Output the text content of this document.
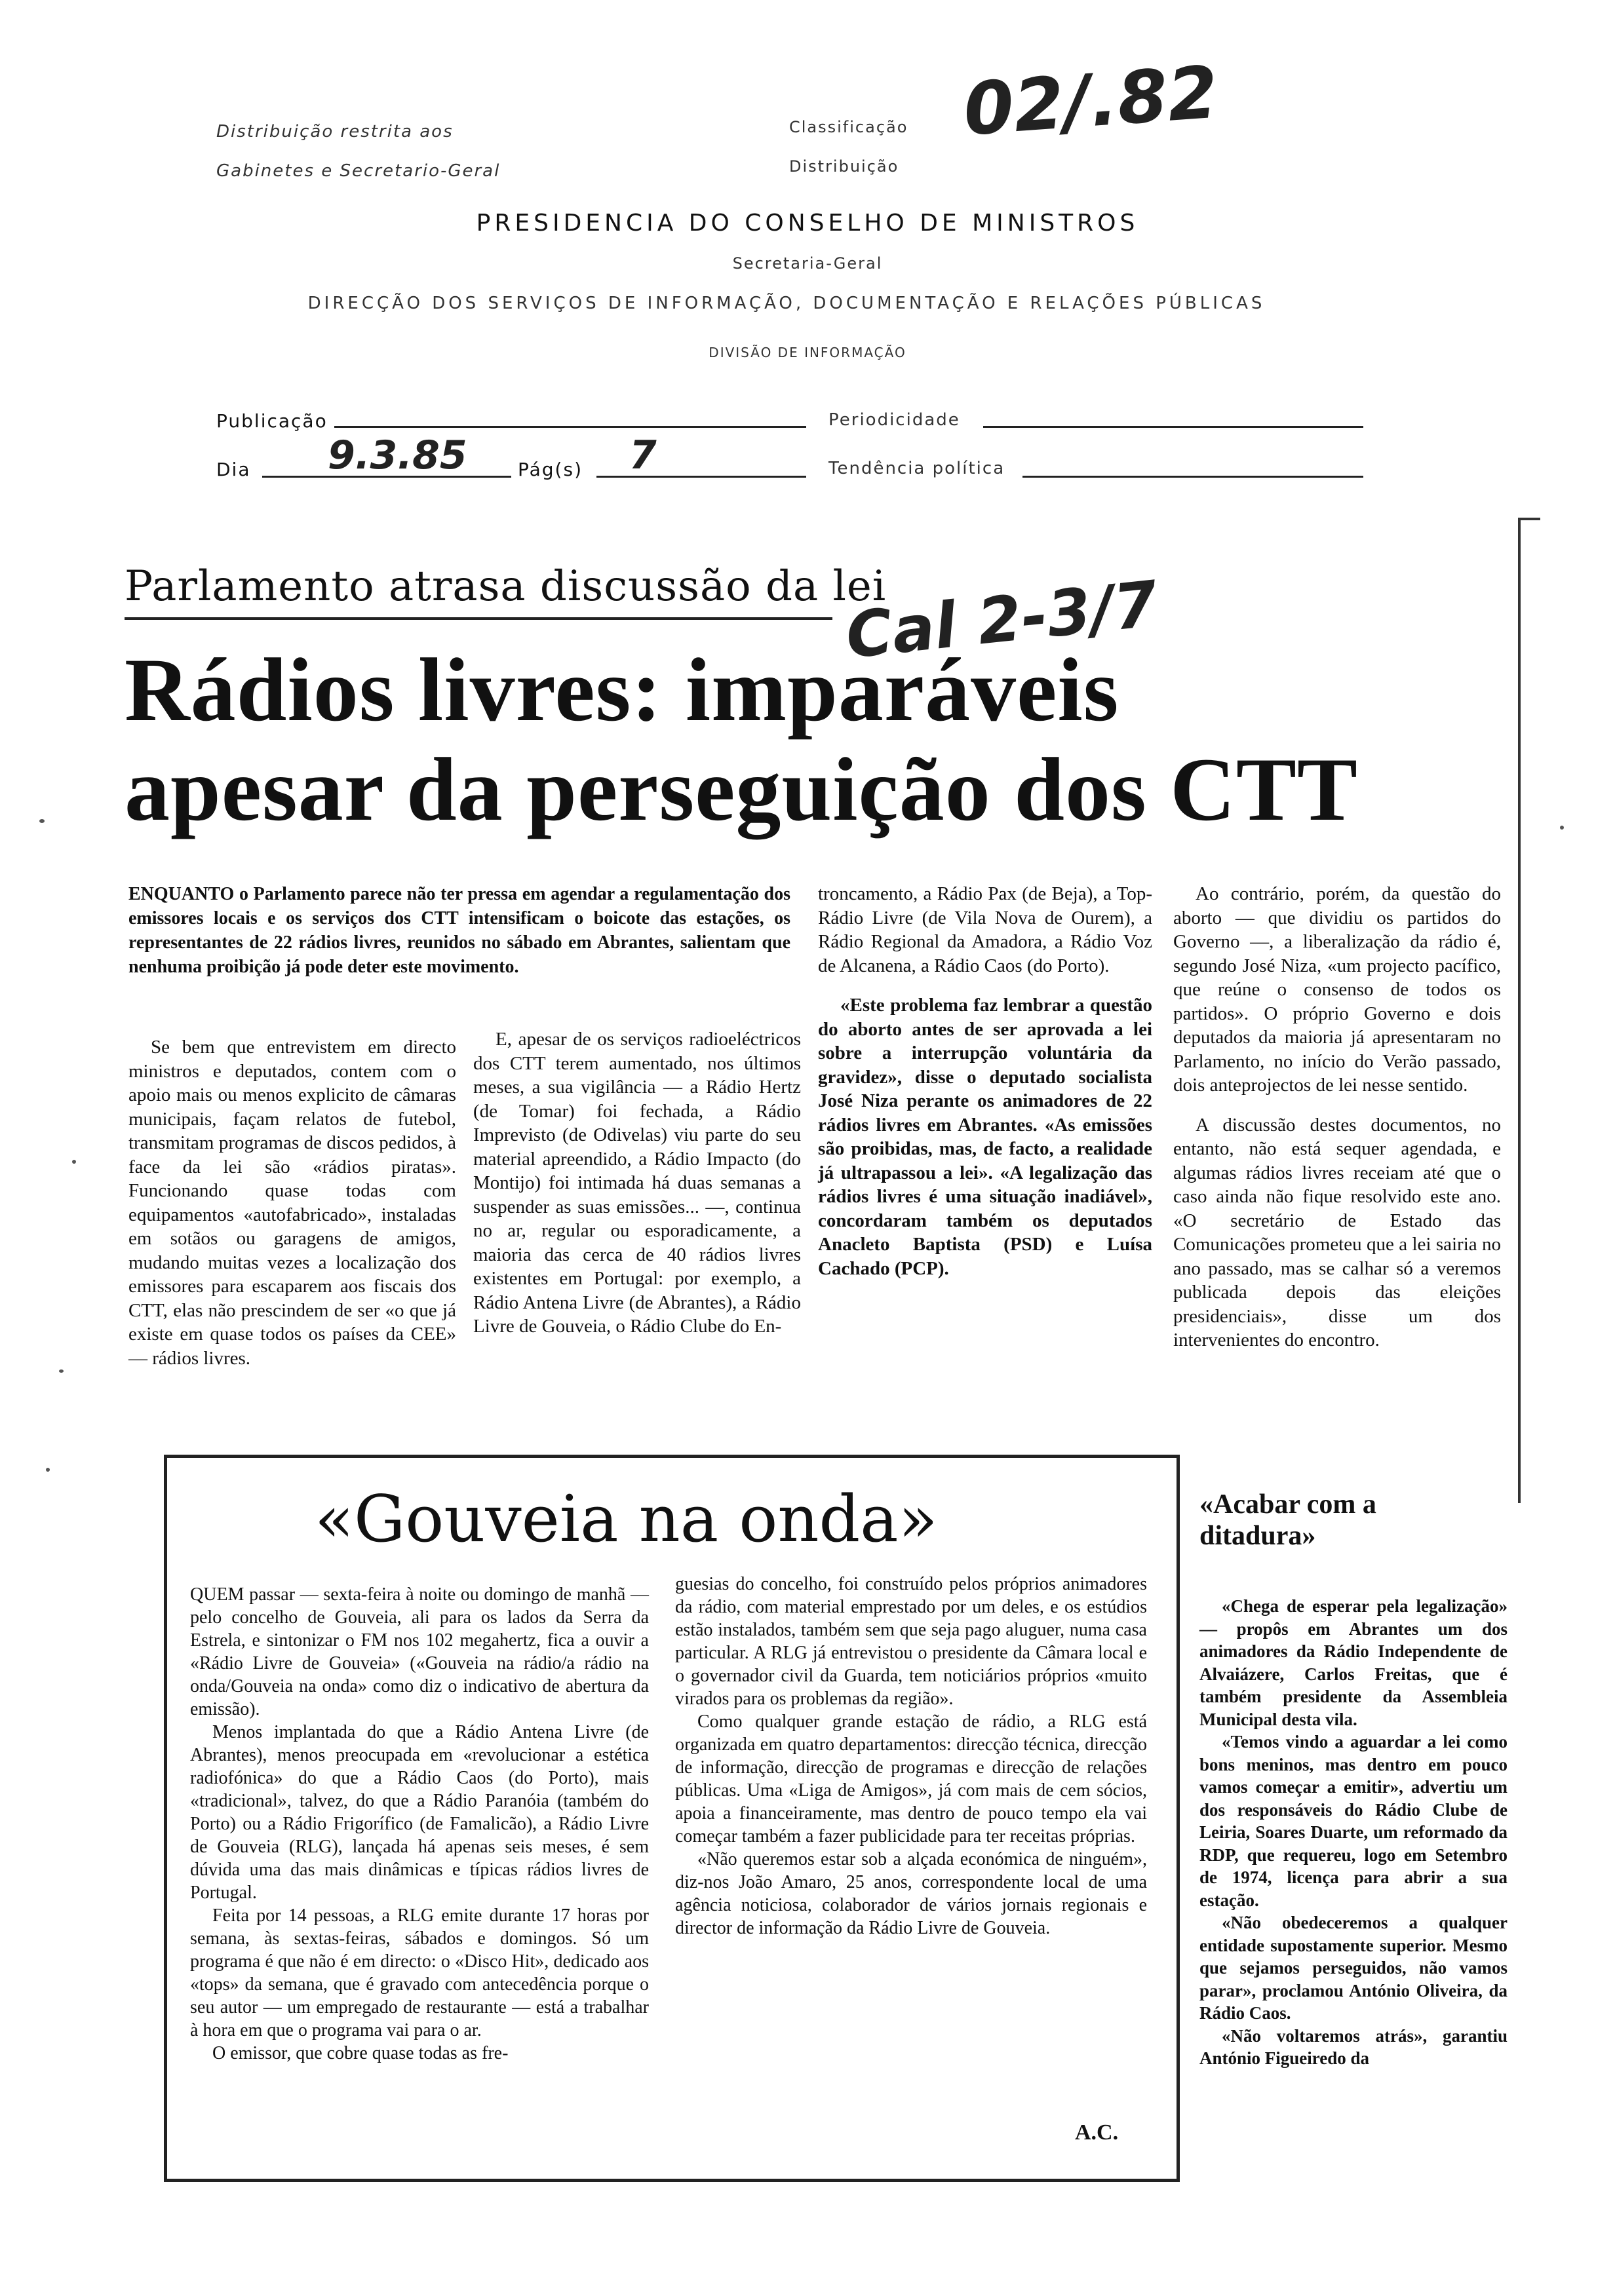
Distribuição restrita aos
Gabinetes e Secretario-Geral
Classificação
Distribuição
02/.82
PRESIDENCIA DO CONSELHO DE MINISTROS
Secretaria-Geral
DIRECÇÃO DOS SERVIÇOS DE INFORMAÇÃO, DOCUMENTAÇÃO E RELAÇÕES PÚBLICAS
DIVISÃO DE INFORMAÇÃO
Publicação	Periodicidade
Dia 9.3.85	Pág(s) 7	Tendência política
Parlamento atrasa discussão da lei
Cal 2-3/7
Rádios livres: imparáveis
apesar da perseguição dos CTT

ENQUANTO o Parlamento parece não ter pressa em agendar a regulamentação dos emissores locais e os serviços dos CTT intensificam o boicote das estações, os representantes de 22 rádios livres, reunidos no sábado em Abrantes, salientam que nenhuma proibição já pode deter este movimento.

Se bem que entrevistem em directo ministros e deputados, contem com o apoio mais ou menos explicito de câmaras municipais, façam relatos de futebol, transmitam programas de discos pedidos, à face da lei são «rádios piratas». Funcionando quase todas com equipamentos «autofabricado», instaladas em sotãos ou garagens de amigos, mudando muitas vezes a localização dos emissores para escaparem aos fiscais dos CTT, elas não prescindem de ser «o que já existe em quase todos os países da CEE» — rádios livres.

E, apesar de os serviços radioeléctricos dos CTT terem aumentado, nos últimos meses, a sua vigilância — a Rádio Hertz (de Tomar) foi fechada, a Rádio Imprevisto (de Odivelas) viu parte do seu material apreendido, a Rádio Impacto (do Montijo) foi intimada há duas semanas a suspender as suas emissões... —, continua no ar, regular ou esporadicamente, a maioria das cerca de 40 rádios livres existentes em Portugal: por exemplo, a Rádio Antena Livre (de Abrantes), a Rádio Livre de Gouveia, o Rádio Clube do En-

troncamento, a Rádio Pax (de Beja), a Top-Rádio Livre (de Vila Nova de Ourem), a Rádio Regional da Amadora, a Rádio Voz de Alcanena, a Rádio Caos (do Porto).

«Este problema faz lembrar a questão do aborto antes de ser aprovada a lei sobre a interrupção voluntária da gravidez», disse o deputado socialista José Niza perante os animadores de 22 rádios livres em Abrantes. «As emissões são proibidas, mas, de facto, a realidade já ultrapassou a lei». «A legalização das rádios livres é uma situação inadiável», concordaram também os deputados Anacleto Baptista (PSD) e Luísa Cachado (PCP).

Ao contrário, porém, da questão do aborto — que dividiu os partidos do Governo —, a liberalização da rádio é, segundo José Niza, «um projecto pacífico, que reúne o consenso de todos os partidos». O próprio Governo e dois deputados da maioria já apresentaram no Parlamento, no início do Verão passado, dois anteprojectos de lei nesse sentido.

A discussão destes documentos, no entanto, não está sequer agendada, e algumas rádios livres receiam até que o caso ainda não fique resolvido este ano. «O secretário de Estado das Comunicações prometeu que a lei sairia no ano passado, mas se calhar só a veremos publicada depois das eleições presidenciais», disse um dos intervenientes do encontro.

«Gouveia na onda»

QUEM passar — sexta-feira à noite ou domingo de manhã — pelo concelho de Gouveia, ali para os lados da Serra da Estrela, e sintonizar o FM nos 102 megahertz, fica a ouvir a «Rádio Livre de Gouveia» («Gouveia na rádio/a rádio na onda/Gouveia na onda» como diz o indicativo de abertura da emissão).

Menos implantada do que a Rádio Antena Livre (de Abrantes), menos preocupada em «revolucionar a estética radiofónica» do que a Rádio Caos (do Porto), mais «tradicional», talvez, do que a Rádio Paranóia (também do Porto) ou a Rádio Frigorífico (de Famalicão), a Rádio Livre de Gouveia (RLG), lançada há apenas seis meses, é sem dúvida uma das mais dinâmicas e típicas rádios livres de Portugal.

Feita por 14 pessoas, a RLG emite durante 17 horas por semana, às sextas-feiras, sábados e domingos. Só um programa é que não é em directo: o «Disco Hit», dedicado aos «tops» da semana, que é gravado com antecedência porque o seu autor — um empregado de restaurante — está a trabalhar à hora em que o programa vai para o ar.

O emissor, que cobre quase todas as fre-

guesias do concelho, foi construído pelos próprios animadores da rádio, com material emprestado por um deles, e os estúdios estão instalados, também sem que seja pago aluguer, numa casa particular. A RLG já entrevistou o presidente da Câmara local e o governador civil da Guarda, tem noticiários próprios «muito virados para os problemas da região».

Como qualquer grande estação de rádio, a RLG está organizada em quatro departamentos: direcção técnica, direcção de informação, direcção de programas e direcção de relações públicas. Uma «Liga de Amigos», já com mais de cem sócios, apoia a financeiramente, mas dentro de pouco tempo ela vai começar também a fazer publicidade para ter receitas próprias.

«Não queremos estar sob a alçada económica de ninguém», diz-nos João Amaro, 25 anos, correspondente local de uma agência noticiosa, colaborador de vários jornais regionais e director de informação da Rádio Livre de Gouveia.

A.C.
«Acabar com a ditadura»

«Chega de esperar pela legalização» — propôs em Abrantes um dos animadores da Rádio Independente de Alvaiázere, Carlos Freitas, que é também presidente da Assembleia Municipal desta vila.

«Temos vindo a aguardar a lei como bons meninos, mas dentro em pouco vamos começar a emitir», advertiu um dos responsáveis do Rádio Clube de Leiria, Soares Duarte, um reformado da RDP, que requereu, logo em Setembro de 1974, licença para abrir a sua estação.

«Não obedeceremos a qualquer entidade supostamente superior. Mesmo que sejamos perseguidos, não vamos parar», proclamou António Oliveira, da Rádio Caos.

«Não voltaremos atrás», garantiu António Figueiredo da
